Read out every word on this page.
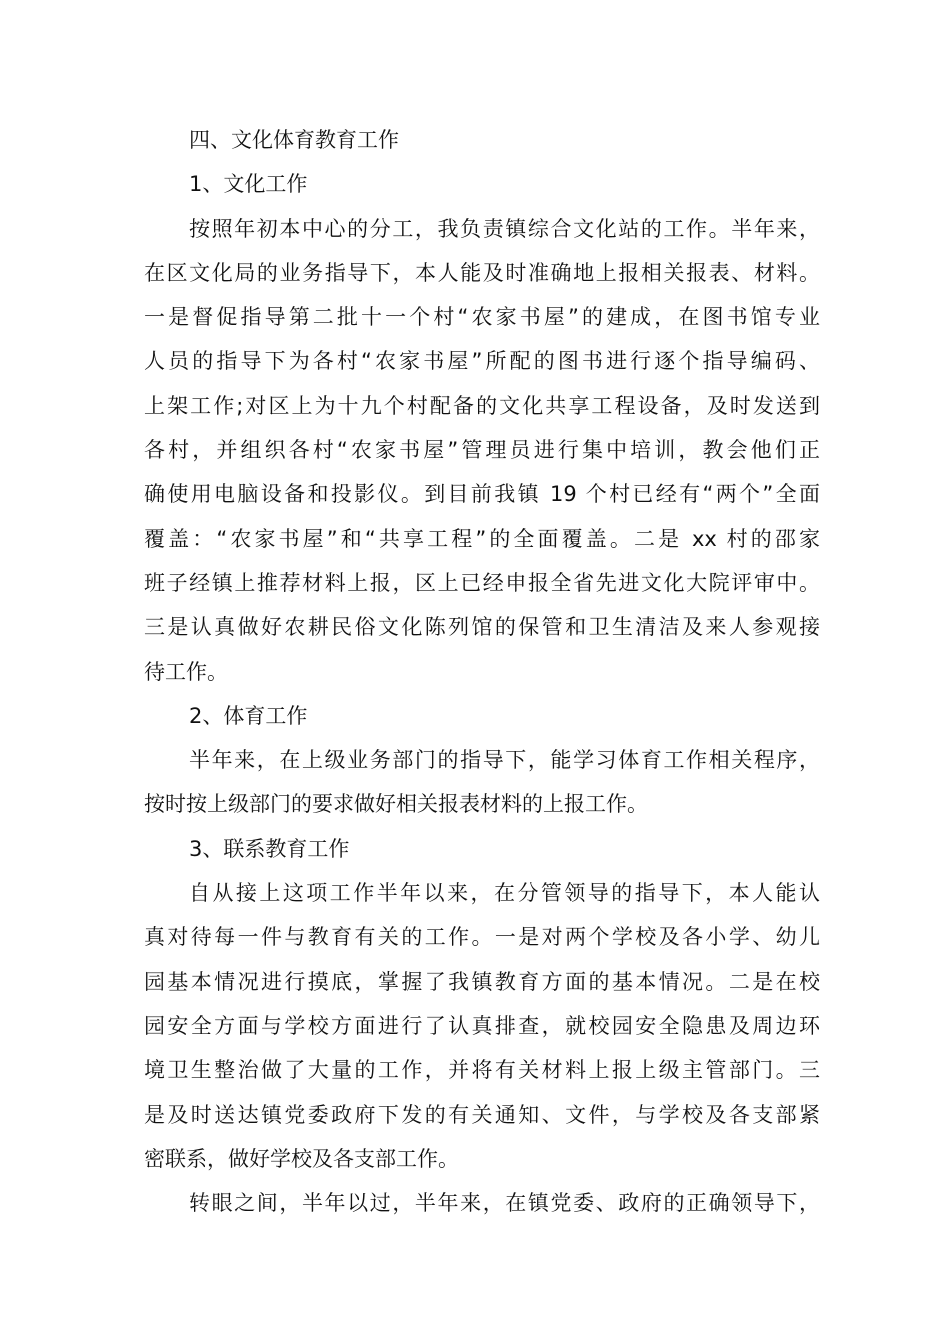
四、文化体育教育工作
1、文化工作
按照年初本中心的分工，我负责镇综合文化站的工作。半年来，
在区文化局的业务指导下，本人能及时准确地上报相关报表、材料。
一是督促指导第二批十一个村“农家书屋”的建成，在图书馆专业
人员的指导下为各村“农家书屋”所配的图书进行逐个指导编码、
上架工作;对区上为十九个村配备的文化共享工程设备，及时发送到
各村，并组织各村“农家书屋”管理员进行集中培训，教会他们正
确使用电脑设备和投影仪。到目前我镇 19 个村已经有“两个”全面
覆盖：“农家书屋”和“共享工程”的全面覆盖。二是 xx 村的邵家
班子经镇上推荐材料上报，区上已经申报全省先进文化大院评审中。
三是认真做好农耕民俗文化陈列馆的保管和卫生清洁及来人参观接
待工作。
2、体育工作
半年来，在上级业务部门的指导下，能学习体育工作相关程序，
按时按上级部门的要求做好相关报表材料的上报工作。
3、联系教育工作
自从接上这项工作半年以来，在分管领导的指导下，本人能认
真对待每一件与教育有关的工作。一是对两个学校及各小学、幼儿
园基本情况进行摸底，掌握了我镇教育方面的基本情况。二是在校
园安全方面与学校方面进行了认真排查，就校园安全隐患及周边环
境卫生整治做了大量的工作，并将有关材料上报上级主管部门。三
是及时送达镇党委政府下发的有关通知、文件，与学校及各支部紧
密联系，做好学校及各支部工作。
转眼之间，半年以过，半年来，在镇党委、政府的正确领导下，
